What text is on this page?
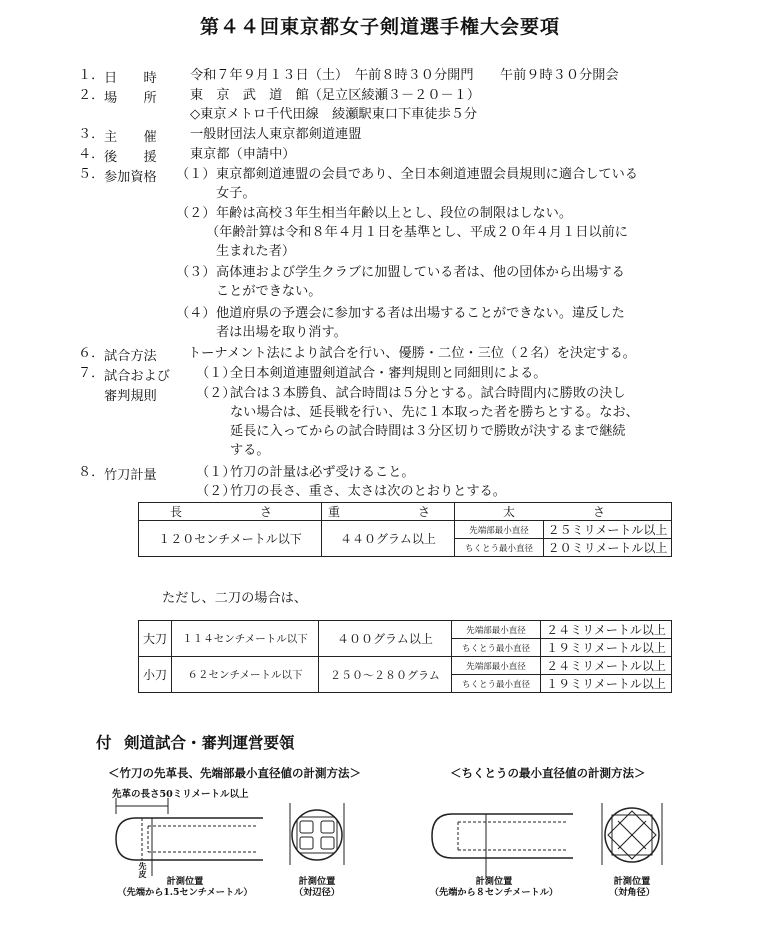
第４４回東京都女子剣道選手権大会要項
１． 日　　時	令和７年９月１３日（土）　午前８時３０分開門　　午前９時３０分開会
２． 場　　所	東　京　武　道　館（足立区綾瀬３－２０－１）
◇東京メトロ千代田線　綾瀬駅東口下車徒歩５分
３． 主　　催	一般財団法人東京都剣道連盟
４． 後　　援	東京都（申請中）
５． 参加資格 （１） 東京都剣道連盟の会員であり、全日本剣道連盟会員規則に適合している
女子。
（２） 年齢は高校３年生相当年齢以上とし、段位の制限はしない。
（年齢計算は令和８年４月１日を基準とし、平成２０年４月１日以前に
生まれた者）
（３） 高体連および学生クラブに加盟している者は、他の団体から出場する
ことができない。
（４） 他道府県の予選会に参加する者は出場することができない。違反した
者は出場を取り消す。
６． 試合方法 トーナメント法により試合を行い、優勝・二位・三位（２名）を決定する。
７． 試合および
審判規則
（１）
全日本剣道連盟剣道試合・審判規則と同細則による。
（２）
試合は３本勝負、試合時間は５分とする。試合時間内に勝敗の決し
ない場合は、延長戦を行い、先に１本取った者を勝ちとする。なお、
延長に入ってからの試合時間は３分区切りで勝敗が決するまで継続
する。
８． 竹刀計量	（１）
竹刀の計量は必ず受けること。
（２）
竹刀の長さ、重さ、太さは次のとおりとする。
長　　さ	重　　さ	太　　さ	
１２０センチメートル以下	４４０グラム以上	先端部最小直径	２５ミリメートル以上
		ちくとう最小直径	２０ミリメートル以上
ただし、二刀の場合は、
大刀	１１４センチメートル以下	４００グラム以上	先端部最小直径	２４ミリメートル以上
			ちくとう最小直径	１９ミリメートル以上
小刀	６２センチメートル以下	２５０～２８０グラム	先端部最小直径	２４ミリメートル以上
			ちくとう最小直径	１９ミリメートル以上
付 剣道試合・審判運営要領
＜竹刀の先革長、先端部最小直径値の計測方法＞	＜ちくとうの最小直径値の計測方法＞
先革の長さ50ミリメートル以上
先皮
計測位置
（先端から1.5センチメートル）
計測位置
（対辺径）
計測位置
（先端から８センチメートル）
計測位置
（対角径）
